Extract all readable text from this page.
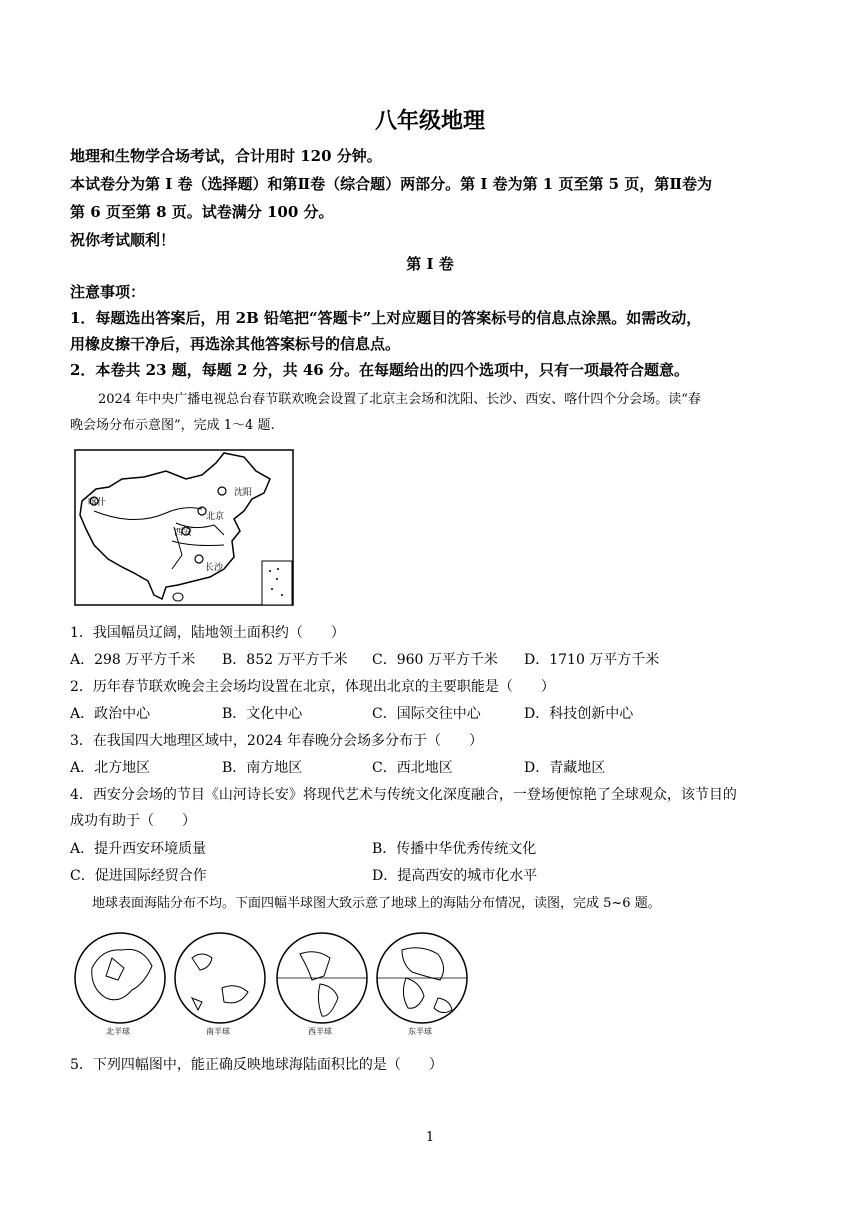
八年级地理
地理和生物学合场考试，合计用时 120 分钟。
本试卷分为第 I 卷（选择题）和第Ⅱ卷（综合题）两部分。第 I 卷为第 1 页至第 5 页，第Ⅱ卷为
第 6 页至第 8 页。试卷满分 100 分。
祝你考试顺利！
第 I 卷
注意事项：
1．每题选出答案后，用 2B 铅笔把“答题卡”上对应题目的答案标号的信息点涂黑。如需改动，
用橡皮擦干净后，再选涂其他答案标号的信息点。
2．本卷共 23 题，每题 2 分，共 46 分。在每题给出的四个选项中，只有一项最符合题意。
2024 年中央广播电视总台春节联欢晚会设置了北京主会场和沈阳、长沙、西安、喀什四个分会场。读“春
晚会场分布示意图”，完成 1～4 题.
喀什
沈阳
北京
西安
长沙
1．我国幅员辽阔，陆地领土面积约（　　）
A．298 万平方千米 B．852 万平方千米 C．960 万平方千米 D．1710 万平方千米
2．历年春节联欢晚会主会场均设置在北京，体现出北京的主要职能是（　　）
A．政治中心	B．文化中心	C．国际交往中心	D．科技创新中心
3．在我国四大地理区域中，2024 年春晚分会场多分布于（　　）
A．北方地区	B．南方地区	C．西北地区	D．青藏地区
4．西安分会场的节目《山河诗长安》将现代艺术与传统文化深度融合，一登场便惊艳了全球观众，该节目的
成功有助于（　　）
A．提升西安环境质量	B．传播中华优秀传统文化
C．促进国际经贸合作	D．提高西安的城市化水平
地球表面海陆分布不均。下面四幅半球图大致示意了地球上的海陆分布情况，读图，完成 5~6 题。
北半球	南半球	西半球	东半球
5．下列四幅图中，能正确反映地球海陆面积比的是（　　）
1
